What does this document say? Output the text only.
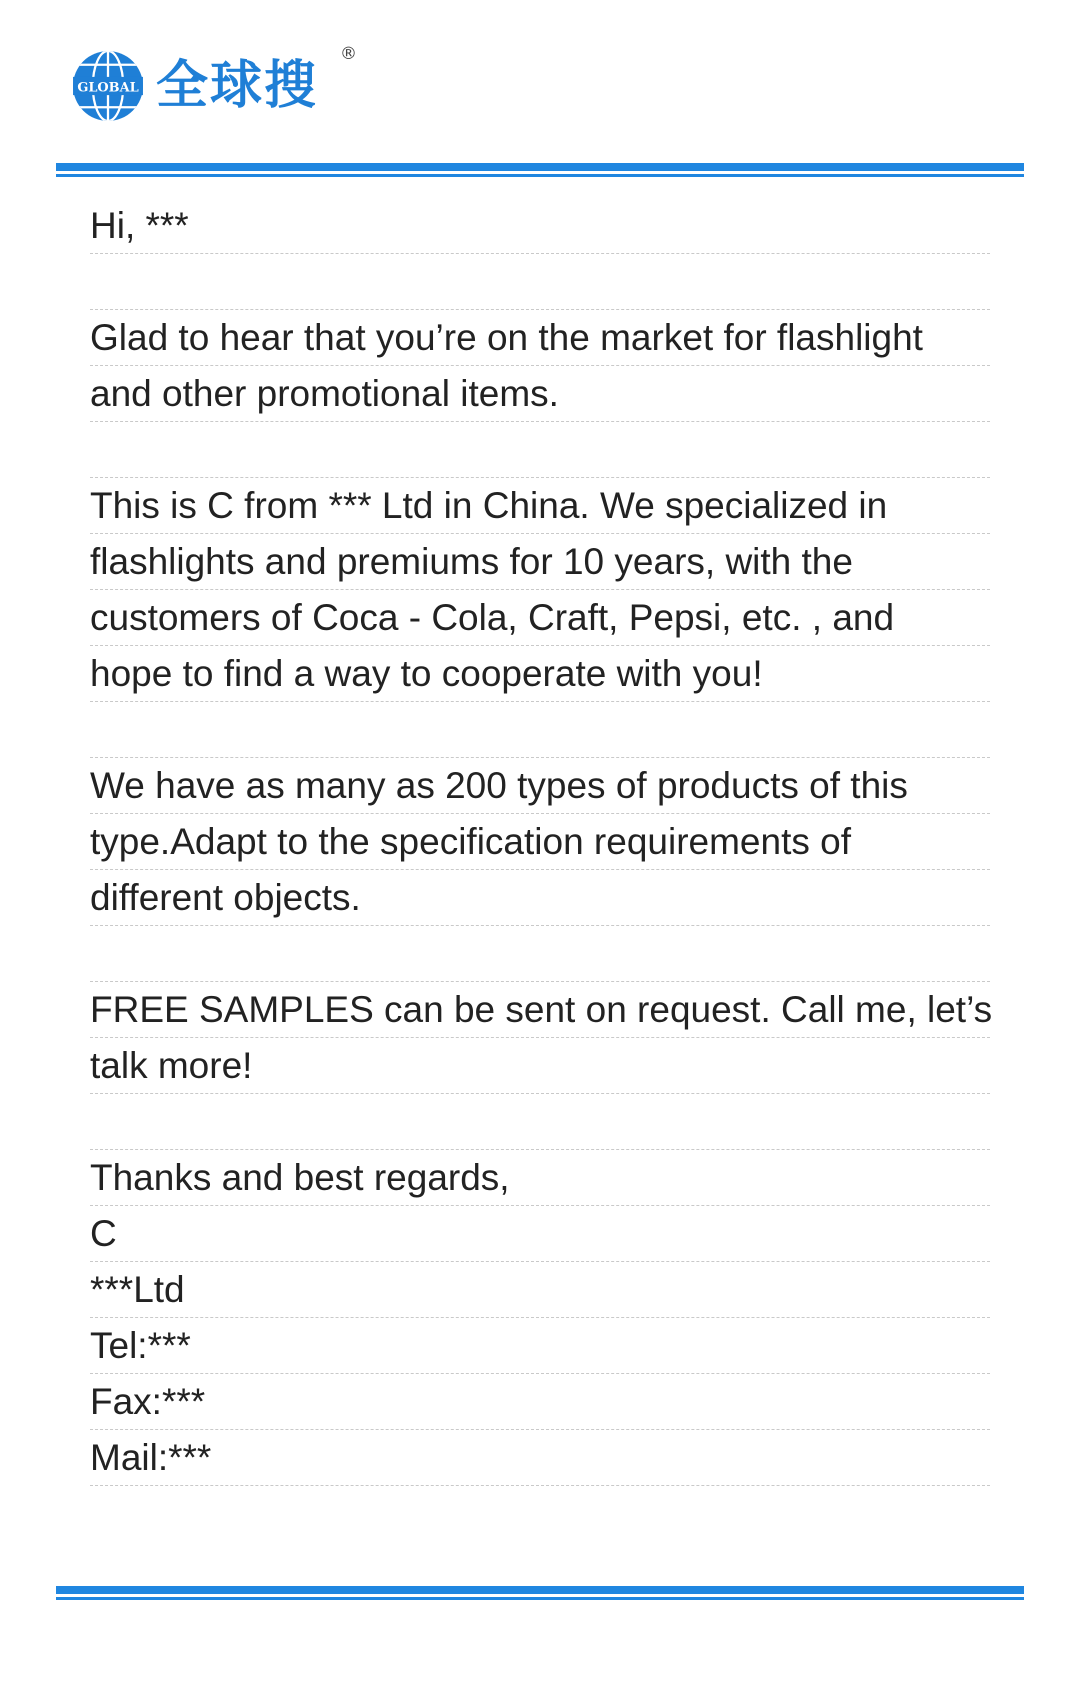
GLOBAL 全球搜
®
Hi, ***
Glad to hear that you’re on the market for flashlight
and other promotional items.
This is C from *** Ltd in China. We specialized in
flashlights and premiums for 10 years, with the
customers of Coca - Cola, Craft, Pepsi, etc. , and
hope to find a way to cooperate with you!
We have as many as 200 types of products of this
type.Adapt to the specification requirements of
different objects.
FREE SAMPLES can be sent on request. Call me, let’s
talk more!
Thanks and best regards,
C
***Ltd
Tel:***
Fax:***
Mail:***
